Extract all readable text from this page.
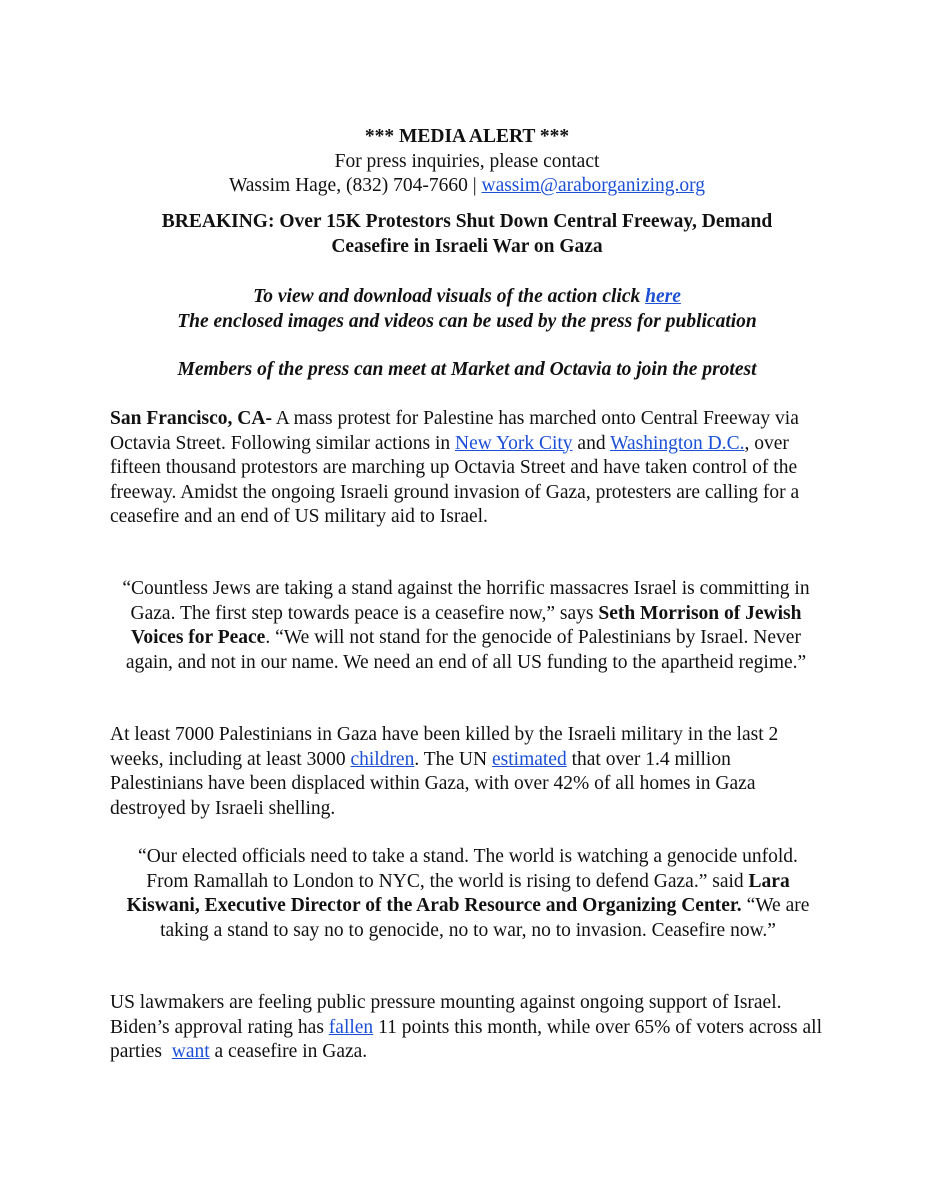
*** MEDIA ALERT ***

For press inquiries, please contact

Wassim Hage, (832) 704-7660 | wassim@araborganizing.org

BREAKING: Over 15K Protestors Shut Down Central Freeway, Demand

Ceasefire in Israeli War on Gaza

To view and download visuals of the action click here

The enclosed images and videos can be used by the press for publication

Members of the press can meet at Market and Octavia to join the protest

San Francisco, CA- A mass protest for Palestine has marched onto Central Freeway via Octavia Street. Following similar actions in New York City and Washington D.C., over fifteen thousand protestors are marching up Octavia Street and have taken control of the freeway. Amidst the ongoing Israeli ground invasion of Gaza, protesters are calling for a ceasefire and an end of US military aid to Israel.

“Countless Jews are taking a stand against the horrific massacres Israel is committing in Gaza. The first step towards peace is a ceasefire now,” says Seth Morrison of Jewish Voices for Peace. “We will not stand for the genocide of Palestinians by Israel. Never again, and not in our name. We need an end of all US funding to the apartheid regime.”

At least 7000 Palestinians in Gaza have been killed by the Israeli military in the last 2 weeks, including at least 3000 children. The UN estimated that over 1.4 million Palestinians have been displaced within Gaza, with over 42% of all homes in Gaza destroyed by Israeli shelling.

“Our elected officials need to take a stand. The world is watching a genocide unfold. From Ramallah to London to NYC, the world is rising to defend Gaza.” said Lara Kiswani, Executive Director of the Arab Resource and Organizing Center. “We are taking a stand to say no to genocide, no to war, no to invasion. Ceasefire now.”

US lawmakers are feeling public pressure mounting against ongoing support of Israel. Biden’s approval rating has fallen 11 points this month, while over 65% of voters across all parties  want a ceasefire in Gaza.
